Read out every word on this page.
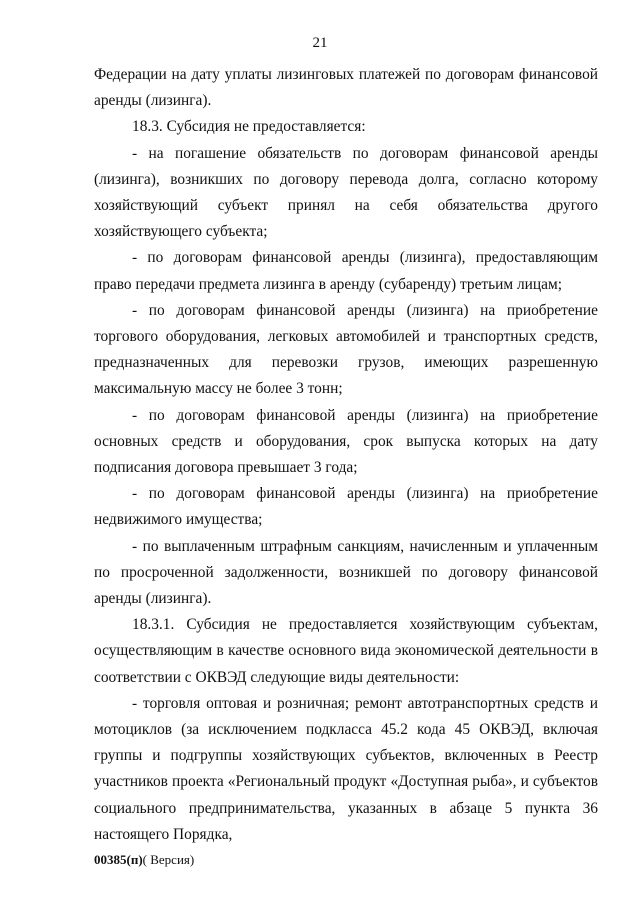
21

Федерации на дату уплаты лизинговых платежей по договорам финансовой аренды (лизинга).

18.3. Субсидия не предоставляется:

- на погашение обязательств по договорам финансовой аренды (лизинга), возникших по договору перевода долга, согласно которому хозяйствующий субъект принял на себя обязательства другого хозяйствующего субъекта;

- по договорам финансовой аренды (лизинга), предоставляющим право передачи предмета лизинга в аренду (субаренду) третьим лицам;

- по договорам финансовой аренды (лизинга) на приобретение торгового оборудования, легковых автомобилей и транспортных средств, предназначенных для перевозки грузов, имеющих разрешенную максимальную массу не более 3 тонн;

- по договорам финансовой аренды (лизинга) на приобретение основных средств и оборудования, срок выпуска которых на дату подписания договора превышает 3 года;

- по договорам финансовой аренды (лизинга) на приобретение недвижимого имущества;

- по выплаченным штрафным санкциям, начисленным и уплаченным по просроченной задолженности, возникшей по договору финансовой аренды (лизинга).

18.3.1. Субсидия не предоставляется хозяйствующим субъектам, осуществляющим в качестве основного вида экономической деятельности в соответствии с ОКВЭД следующие виды деятельности:

- торговля оптовая и розничная; ремонт автотранспортных средств и мотоциклов (за исключением подкласса 45.2 кода 45 ОКВЭД, включая группы и подгруппы хозяйствующих субъектов, включенных в Реестр участников проекта «Региональный продукт «Доступная рыба», и субъектов социального предпринимательства, указанных в абзаце 5 пункта 36 настоящего Порядка,

00385(п)( Версия)
